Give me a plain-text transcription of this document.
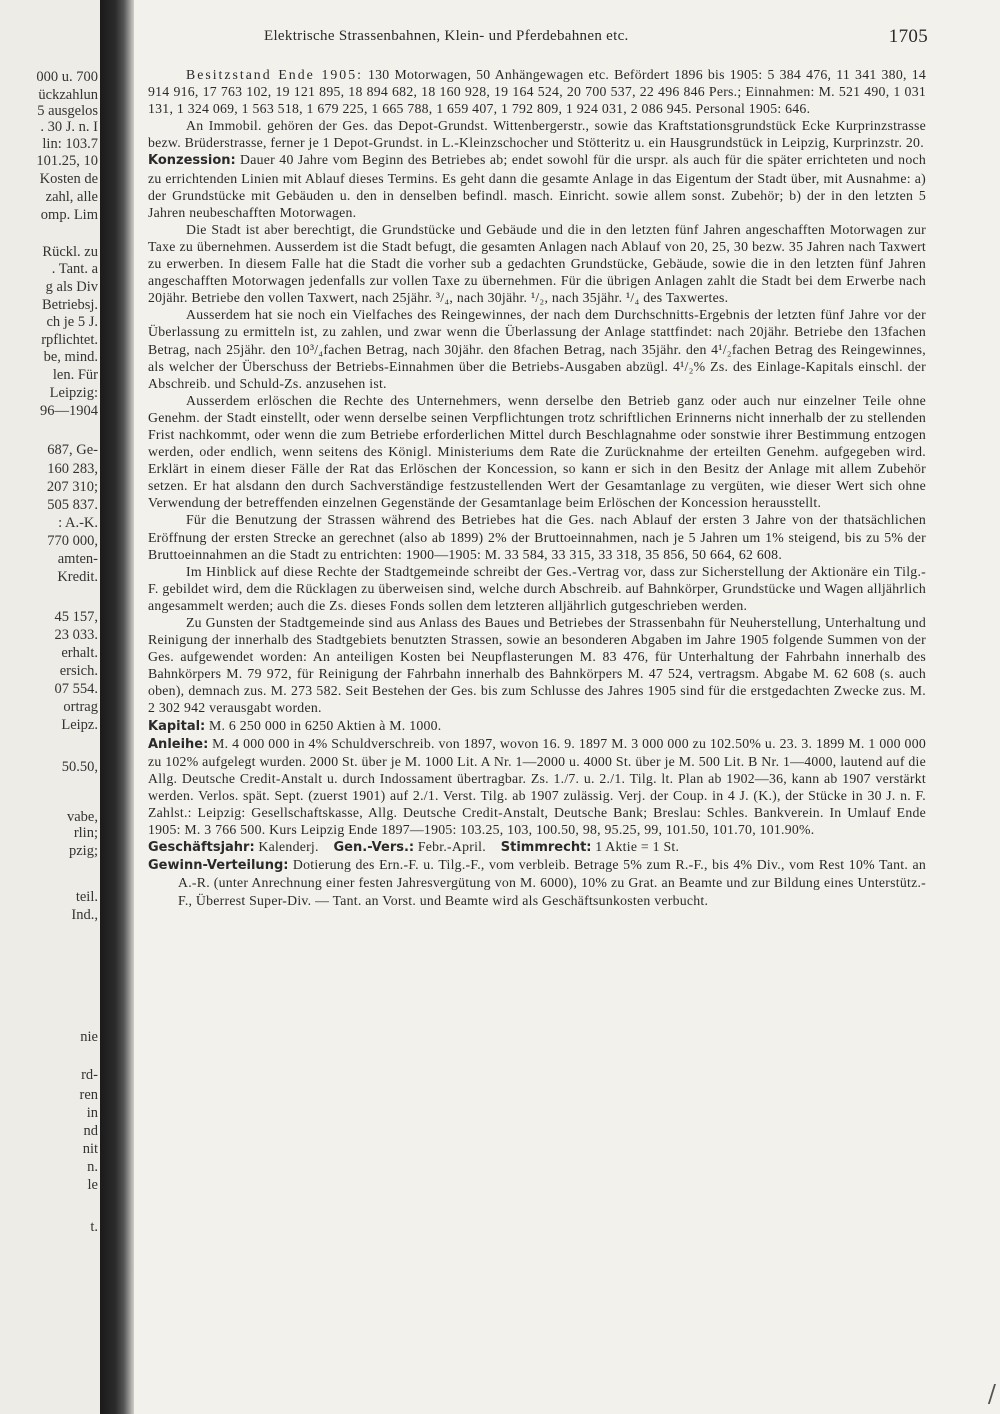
000 u. 700
ückzahlun
5 ausgelos
. 30 J. n. I
lin: 103.7
101.25, 10
Kosten de
zahl, alle
omp. Lim
Rückl. zu
. Tant. a
g als Div
Betriebsj.
ch je 5 J.
rpflichtet.
be, mind.
len. Für
Leipzig:
96—1904
687, Ge-
160 283,
207 310;
505 837.
: A.-K.
770 000,
amten-
Kredit.
45 157,
23 033.
erhalt.
ersich.
07 554.
ortrag
Leipz.
50.50,
vabe,
rlin;
pzig;
teil.
Ind.,
nie
rd-
ren
in
nd
nit
n.
le
t.
Elektrische Strassenbahnen, Klein- und Pferdebahnen etc.	1705

Besitzstand Ende 1905: 130 Motorwagen, 50 Anhängewagen etc. Befördert 1896 bis 1905: 5 384 476, 11 341 380, 14 914 916, 17 763 102, 19 121 895, 18 894 682, 18 160 928, 19 164 524, 20 700 537, 22 496 846 Pers.; Einnahmen: M. 521 490, 1 031 131, 1 324 069, 1 563 518, 1 679 225, 1 665 788, 1 659 407, 1 792 809, 1 924 031, 2 086 945. Personal 1905: 646.

An Immobil. gehören der Ges. das Depot-Grundst. Wittenbergerstr., sowie das Kraftstationsgrundstück Ecke Kurprinzstrasse bezw. Brüderstrasse, ferner je 1 Depot-Grundst. in L.-Kleinzschocher und Stötteritz u. ein Hausgrundstück in Leipzig, Kurprinzstr. 20.

Konzession: Dauer 40 Jahre vom Beginn des Betriebes ab; endet sowohl für die urspr. als auch für die später errichteten und noch zu errichtenden Linien mit Ablauf dieses Termins. Es geht dann die gesamte Anlage in das Eigentum der Stadt über, mit Ausnahme: a) der Grundstücke mit Gebäuden u. den in denselben befindl. masch. Einricht. sowie allem sonst. Zubehör; b) der in den letzten 5 Jahren neubeschafften Motorwagen.

Die Stadt ist aber berechtigt, die Grundstücke und Gebäude und die in den letzten fünf Jahren angeschafften Motorwagen zur Taxe zu übernehmen. Ausserdem ist die Stadt befugt, die gesamten Anlagen nach Ablauf von 20, 25, 30 bezw. 35 Jahren nach Taxwert zu erwerben. In diesem Falle hat die Stadt die vorher sub a gedachten Grundstücke, Gebäude, sowie die in den letzten fünf Jahren angeschafften Motorwagen jedenfalls zur vollen Taxe zu übernehmen. Für die übrigen Anlagen zahlt die Stadt bei dem Erwerbe nach 20jähr. Betriebe den vollen Taxwert, nach 25jähr. ³/₄, nach 30jähr. ¹/₂, nach 35jähr. ¹/₄ des Taxwertes.

Ausserdem hat sie noch ein Vielfaches des Reingewinnes, der nach dem Durchschnitts-Ergebnis der letzten fünf Jahre vor der Überlassung zu ermitteln ist, zu zahlen, und zwar wenn die Überlassung der Anlage stattfindet: nach 20jähr. Betriebe den 13fachen Betrag, nach 25jähr. den 10³/₄fachen Betrag, nach 30jähr. den 8fachen Betrag, nach 35jähr. den 4¹/₂fachen Betrag des Reingewinnes, als welcher der Überschuss der Betriebs-Einnahmen über die Betriebs-Ausgaben abzügl. 4¹/₂% Zs. des Einlage-Kapitals einschl. der Abschreib. und Schuld-Zs. anzusehen ist.

Ausserdem erlöschen die Rechte des Unternehmers, wenn derselbe den Betrieb ganz oder auch nur einzelner Teile ohne Genehm. der Stadt einstellt, oder wenn derselbe seinen Verpflichtungen trotz schriftlichen Erinnerns nicht innerhalb der zu stellenden Frist nachkommt, oder wenn die zum Betriebe erforderlichen Mittel durch Beschlagnahme oder sonstwie ihrer Bestimmung entzogen werden, oder endlich, wenn seitens des Königl. Ministeriums dem Rate die Zurücknahme der erteilten Genehm. aufgegeben wird. Erklärt in einem dieser Fälle der Rat das Erlöschen der Koncession, so kann er sich in den Besitz der Anlage mit allem Zubehör setzen. Er hat alsdann den durch Sachverständige festzustellenden Wert der Gesamtanlage zu vergüten, wie dieser Wert sich ohne Verwendung der betreffenden einzelnen Gegenstände der Gesamtanlage beim Erlöschen der Koncession herausstellt.

Für die Benutzung der Strassen während des Betriebes hat die Ges. nach Ablauf der ersten 3 Jahre von der thatsächlichen Eröffnung der ersten Strecke an gerechnet (also ab 1899) 2% der Bruttoeinnahmen, nach je 5 Jahren um 1% steigend, bis zu 5% der Bruttoeinnahmen an die Stadt zu entrichten: 1900—1905: M. 33 584, 33 315, 33 318, 35 856, 50 664, 62 608.

Im Hinblick auf diese Rechte der Stadtgemeinde schreibt der Ges.-Vertrag vor, dass zur Sicherstellung der Aktionäre ein Tilg.-F. gebildet wird, dem die Rücklagen zu überweisen sind, welche durch Abschreib. auf Bahnkörper, Grundstücke und Wagen alljährlich angesammelt werden; auch die Zs. dieses Fonds sollen dem letzteren alljährlich gutgeschrieben werden.

Zu Gunsten der Stadtgemeinde sind aus Anlass des Baues und Betriebes der Strassenbahn für Neuherstellung, Unterhaltung und Reinigung der innerhalb des Stadtgebiets benutzten Strassen, sowie an besonderen Abgaben im Jahre 1905 folgende Summen von der Ges. aufgewendet worden: An anteiligen Kosten bei Neupflasterungen M. 83 476, für Unterhaltung der Fahrbahn innerhalb des Bahnkörpers M. 79 972, für Reinigung der Fahrbahn innerhalb des Bahnkörpers M. 47 524, vertragsm. Abgabe M. 62 608 (s. auch oben), demnach zus. M. 273 582. Seit Bestehen der Ges. bis zum Schlusse des Jahres 1905 sind für die erstgedachten Zwecke zus. M. 2 302 942 verausgabt worden.

Kapital: M. 6 250 000 in 6250 Aktien à M. 1000.

Anleihe: M. 4 000 000 in 4% Schuldverschreib. von 1897, wovon 16. 9. 1897 M. 3 000 000 zu 102.50% u. 23. 3. 1899 M. 1 000 000 zu 102% aufgelegt wurden. 2000 St. über je M. 1000 Lit. A Nr. 1—2000 u. 4000 St. über je M. 500 Lit. B Nr. 1—4000, lautend auf die Allg. Deutsche Credit-Anstalt u. durch Indossament übertragbar. Zs. 1./7. u. 2./1. Tilg. lt. Plan ab 1902—36, kann ab 1907 verstärkt werden. Verlos. spät. Sept. (zuerst 1901) auf 2./1. Verst. Tilg. ab 1907 zulässig. Verj. der Coup. in 4 J. (K.), der Stücke in 30 J. n. F. Zahlst.: Leipzig: Gesellschaftskasse, Allg. Deutsche Credit-Anstalt, Deutsche Bank; Breslau: Schles. Bankverein. In Umlauf Ende 1905: M. 3 766 500. Kurs Leipzig Ende 1897—1905: 103.25, 103, 100.50, 98, 95.25, 99, 101.50, 101.70, 101.90%.

Geschäftsjahr: Kalenderj. Gen.-Vers.: Febr.-April. Stimmrecht: 1 Aktie = 1 St.

Gewinn-Verteilung: Dotierung des Ern.-F. u. Tilg.-F., vom verbleib. Betrage 5% zum R.-F., bis 4% Div., vom Rest 10% Tant. an A.-R. (unter Anrechnung einer festen Jahresvergütung von M. 6000), 10% zu Grat. an Beamte und zur Bildung eines Unterstütz.-F., Überrest Super-Div. — Tant. an Vorst. und Beamte wird als Geschäftsunkosten verbucht.

/
